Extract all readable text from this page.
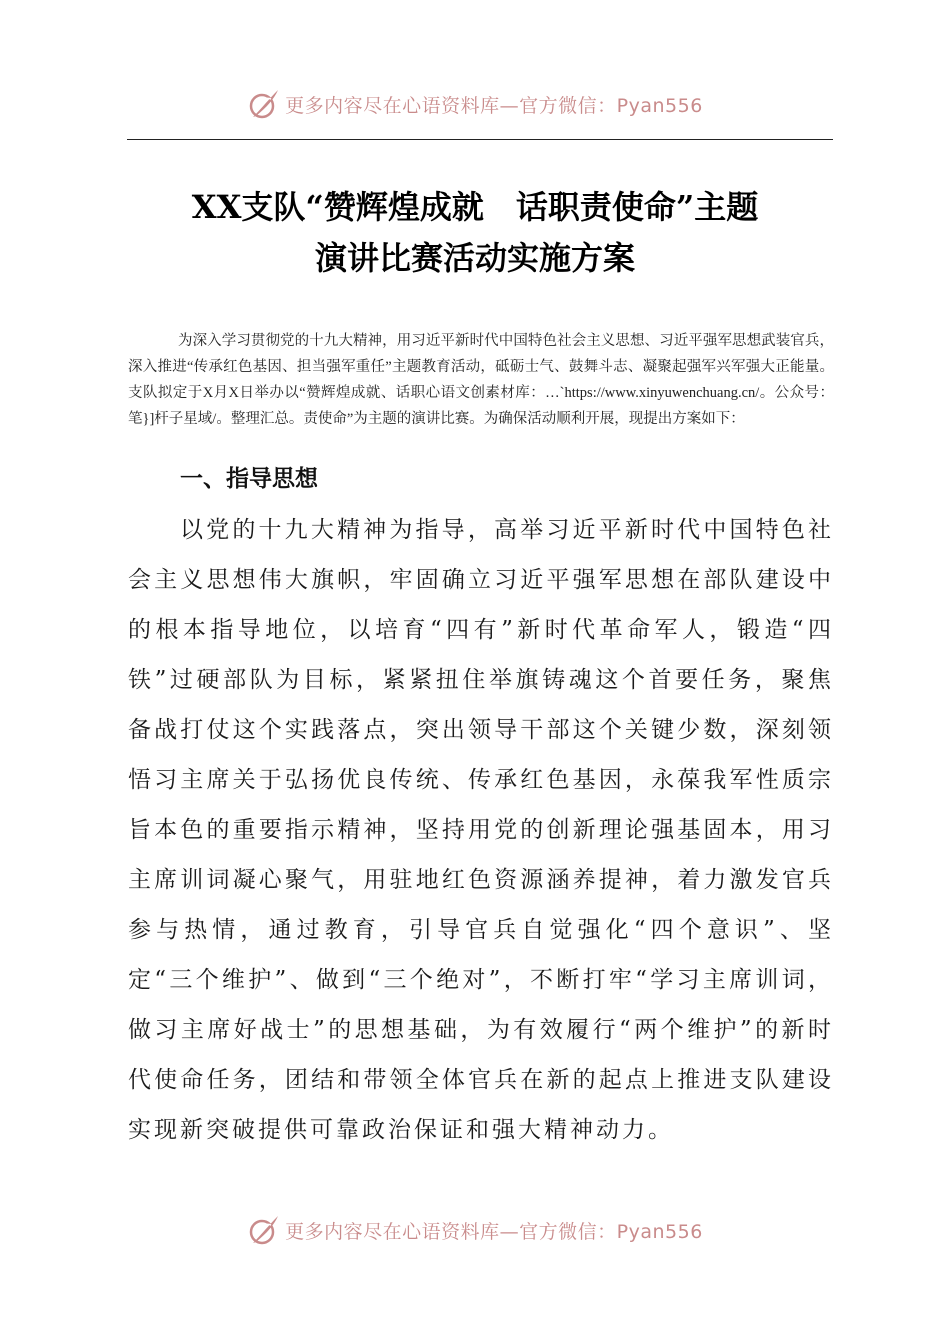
更多内容尽在心语资料库—官方微信：Pyan556
XX支队“赞辉煌成就　话职责使命”主题
演讲比赛活动实施方案

为深入学习贯彻党的十九大精神，用习近平新时代中国特色社会主义思想、习近平强军思想武装官兵，深入推进“传承红色基因、担当强军重任”主题教育活动，砥砺士气、鼓舞斗志、凝聚起强军兴军强大正能量。支队拟定于X月X日举办以“赞辉煌成就、话职心语文创素材库：…`https://www.xinyuwenchuang.cn/。公众号：笔}]杆子星域/。整理汇总。责使命”为主题的演讲比赛。为确保活动顺利开展，现提出方案如下：

一、指导思想

以党的十九大精神为指导，高举习近平新时代中国特色社会主义思想伟大旗帜，牢固确立习近平强军思想在部队建设中的根本指导地位，以培育“四有”新时代革命军人，锻造“四铁”过硬部队为目标，紧紧扭住举旗铸魂这个首要任务，聚焦备战打仗这个实践落点，突出领导干部这个关键少数，深刻领悟习主席关于弘扬优良传统、传承红色基因，永葆我军性质宗旨本色的重要指示精神，坚持用党的创新理论强基固本，用习主席训词凝心聚气，用驻地红色资源涵养提神，着力激发官兵参与热情，通过教育，引导官兵自觉强化“四个意识”、坚定“三个维护”、做到“三个绝对”，不断打牢“学习主席训词，做习主席好战士”的思想基础，为有效履行“两个维护”的新时代使命任务，团结和带领全体官兵在新的起点上推进支队建设实现新突破提供可靠政治保证和强大精神动力。

更多内容尽在心语资料库—官方微信：Pyan556
